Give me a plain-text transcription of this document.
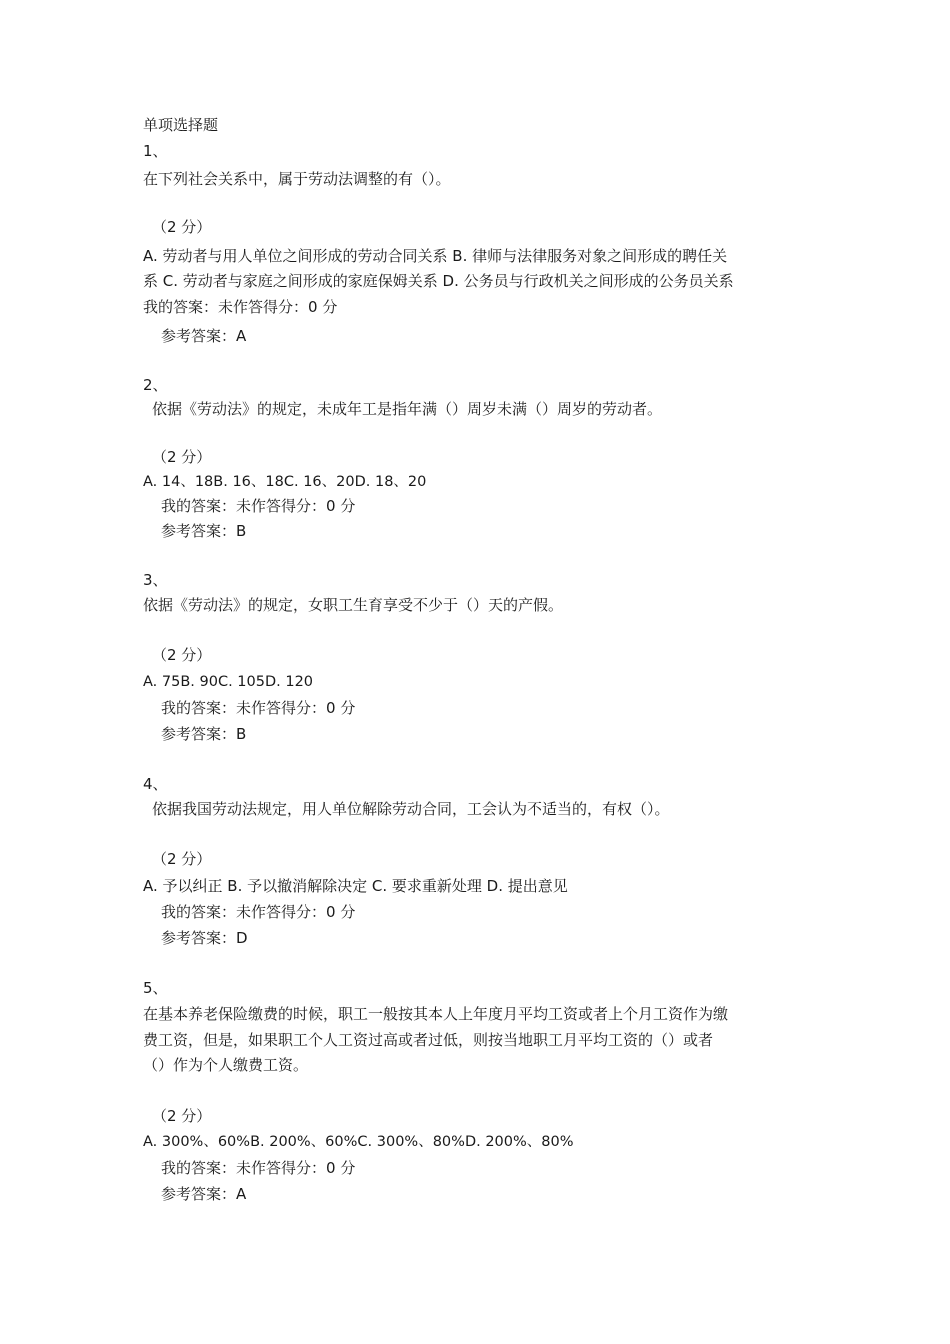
单项选择题
1、
在下列社会关系中，属于劳动法调整的有（）。
（2 分）
A. 劳动者与用人单位之间形成的劳动合同关系 B. 律师与法律服务对象之间形成的聘任关
系 C. 劳动者与家庭之间形成的家庭保姆关系 D. 公务员与行政机关之间形成的公务员关系
我的答案：未作答得分：0 分
参考答案：A
2、
依据《劳动法》的规定，未成年工是指年满（）周岁未满（）周岁的劳动者。
（2 分）
A. 14、18B. 16、18C. 16、20D. 18、20
我的答案：未作答得分：0 分
参考答案：B
3、
依据《劳动法》的规定，女职工生育享受不少于（）天的产假。
（2 分）
A. 75B. 90C. 105D. 120
我的答案：未作答得分：0 分
参考答案：B
4、
依据我国劳动法规定，用人单位解除劳动合同，工会认为不适当的，有权（）。
（2 分）
A. 予以纠正 B. 予以撤消解除决定 C. 要求重新处理 D. 提出意见
我的答案：未作答得分：0 分
参考答案：D
5、
在基本养老保险缴费的时候，职工一般按其本人上年度月平均工资或者上个月工资作为缴
费工资，但是，如果职工个人工资过高或者过低，则按当地职工月平均工资的（）或者
（）作为个人缴费工资。
（2 分）
A. 300%、60%B. 200%、60%C. 300%、80%D. 200%、80%
我的答案：未作答得分：0 分
参考答案：A
